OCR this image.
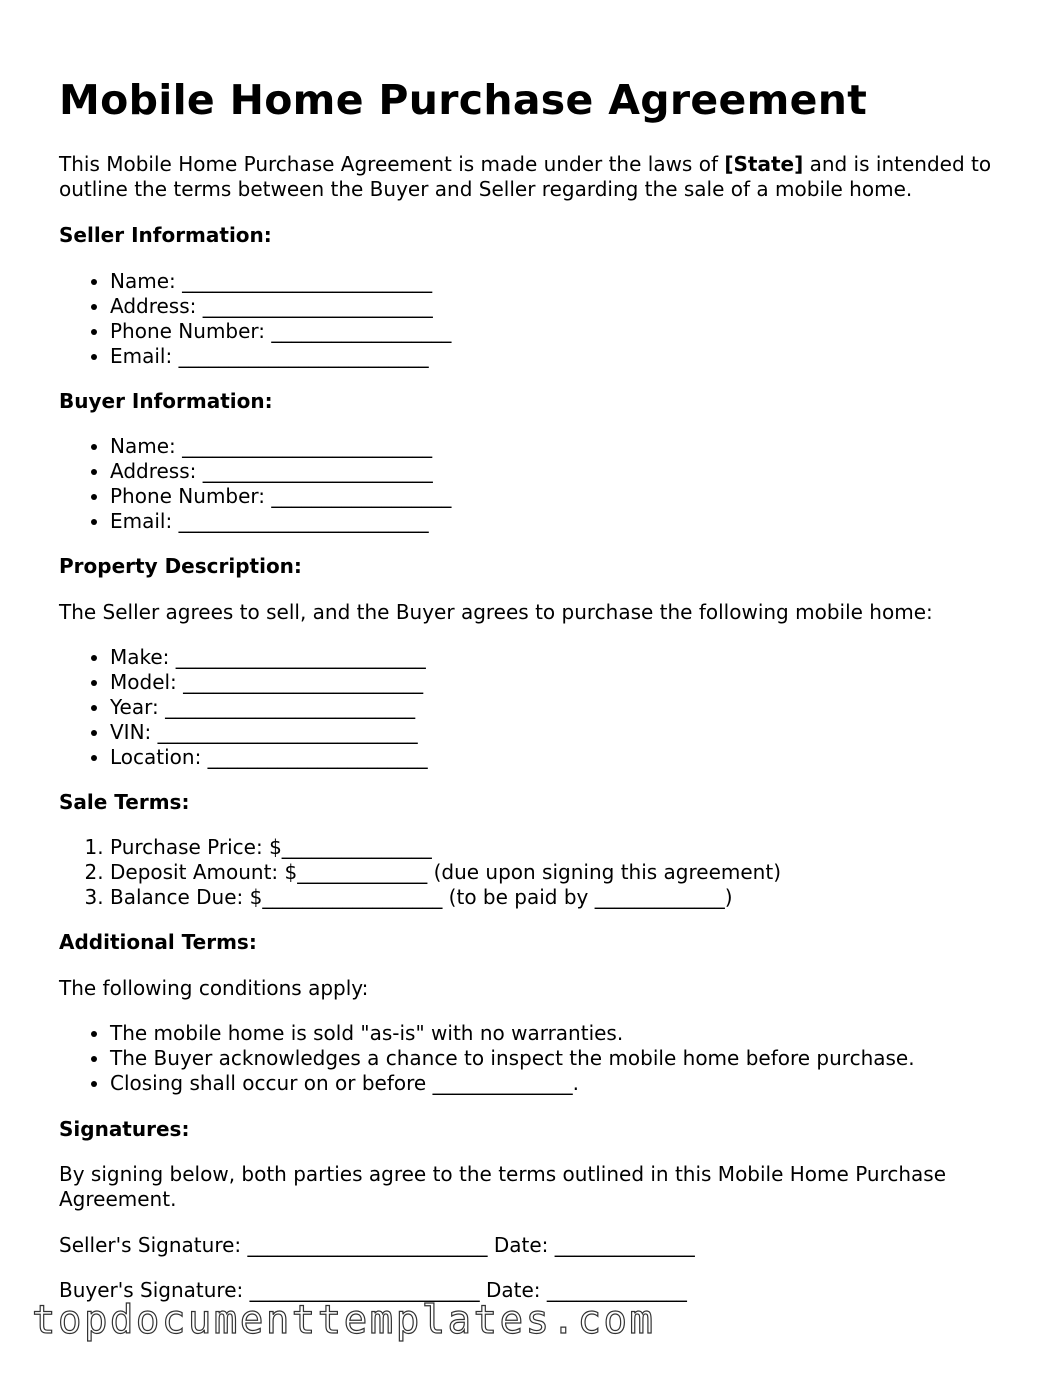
Mobile Home Purchase Agreement
This Mobile Home Purchase Agreement is made under the laws of [State] and is intended to outline the terms between the Buyer and Seller regarding the sale of a mobile home.
Seller Information:
• Name: _________________________
• Address: _______________________
• Phone Number: __________________
• Email: _________________________
Buyer Information:
• Name: _________________________
• Address: _______________________
• Phone Number: __________________
• Email: _________________________
Property Description:
The Seller agrees to sell, and the Buyer agrees to purchase the following mobile home:
• Make: _________________________
• Model: ________________________
• Year: _________________________
• VIN: __________________________
• Location: ______________________
Sale Terms:
1. Purchase Price: $_______________
2. Deposit Amount: $_____________ (due upon signing this agreement)
3. Balance Due: $__________________ (to be paid by _____________)
Additional Terms:
The following conditions apply:
• The mobile home is sold "as-is" with no warranties.
• The Buyer acknowledges a chance to inspect the mobile home before purchase.
• Closing shall occur on or before ______________.
Signatures:
By signing below, both parties agree to the terms outlined in this Mobile Home Purchase Agreement.
Seller's Signature: ________________________ Date: ______________
Buyer's Signature: _______________________ Date: ______________
topdocumenttemplates.com
